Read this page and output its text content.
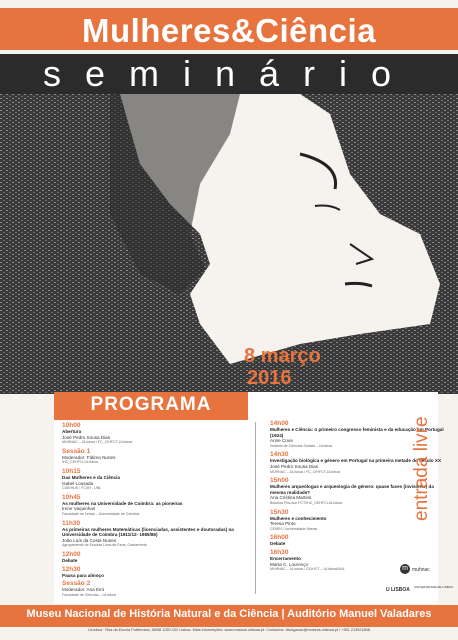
Mulheres&Ciência
seminário
8 março
2016
PROGRAMA
10h00
Abertura
José Pedro Sousa Dias
MUHNAC – ULisboa / FC_CIHFCT-ULisboa
Sessão 1
Moderador: Fátima Nunes
IHC_CEHFCi-ULisboa
10h15
Das Mulheres e da Ciência
Isabel Lousada
CIDEHUS / FCSH - UNL
10h45
As mulheres na Universidade de Coimbra: as pioneiras
Irene Vaquinhas
Faculdade de Letras – Universidade de Coimbra
11h30
As primeiras mulheres Matemáticas (licenciadas, assistentes e doutoradas) na Universidade de Coimbra (1911/12- 1985/86)
João Luís da Costa Nunes
Agrupamento de Escolas Lima-de-Faria, Cantanhede
12h00
Debate
12h30
Pausa para almoço
Sessão 2
Moderador: Ana Eiró
Faculdade de Ciências – ULisboa
14h00
Mulheres e Ciência: o primeiro congresso feminista e da educação em Portugal (1924)
Anne Cova
Instituto de Ciências Sociais – ULisboa
14h30
Investigação biológica e género em Portugal na primeira metade do século XX
José Pedro Sousa Dias
MUHNAC – ULisboa / FC_CIHFCT-ULisboa
15h00
Mulheres arqueólogas e arqueologia de género: quase faces (invisíveis) da mesma realidade?
Ana Cristina Martins
Bolseira Pós-doc FCT/IHC_CEHFCi-ULisboa
15h30
Mulheres e conhecimento
Teresa Pinto
CEMRI / Universidade Aberta
16h00
Debate
16h30
Encerramento
Marta C. Lourenço
MUHNAC – ULisboa / CIUHCT – ULisboa/UNL
entrada livre
m muhnac
U LISBOA UNIVERSIDADE DE LISBOA
Museu Nacional de História Natural e da Ciência | Auditório Manuel Valadares
ULisboa · Rua da Escola Politécnica, 56/58 1250-102 Lisboa. Mais informações: www.museus.ulisboa.pt. Contactos: divulgacao@museus.ulisboa.pt / +351 213921808
